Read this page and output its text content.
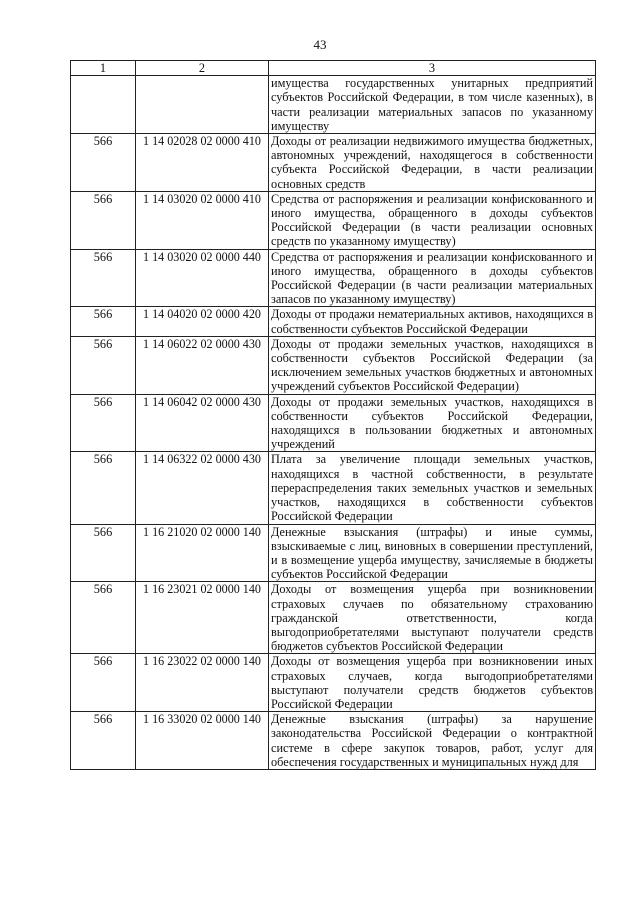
43
1	2	3
		имущества государственных унитарных предприятий субъектов Российской Федерации, в том числе казенных), в части реализации материальных запасов по указанному имуществу
566	1 14 02028 02 0000 410	Доходы от реализации недвижимого имущества бюджетных, автономных учреждений, находящегося в собственности субъекта Российской Федерации, в части реализации основных средств
566	1 14 03020 02 0000 410	Средства от распоряжения и реализации конфискованного и иного имущества, обращенного в доходы субъектов Российской Федерации (в части реализации основных средств по указанному имуществу)
566	1 14 03020 02 0000 440	Средства от распоряжения и реализации конфискованного и иного имущества, обращенного в доходы субъектов Российской Федерации (в части реализации материальных запасов по указанному имуществу)
566	1 14 04020 02 0000 420	Доходы от продажи нематериальных активов, находящихся в собственности субъектов Российской Федерации
566	1 14 06022 02 0000 430	Доходы от продажи земельных участков, находящихся в собственности субъектов Российской Федерации (за исключением земельных участков бюджетных и автономных учреждений субъектов Российской Федерации)
566	1 14 06042 02 0000 430	Доходы от продажи земельных участков, находящихся в собственности субъектов Российской Федерации, находящихся в пользовании бюджетных и автономных учреждений
566	1 14 06322 02 0000 430	Плата за увеличение площади земельных участков, находящихся в частной собственности, в результате перераспределения таких земельных участков и земельных участков, находящихся в собственности субъектов Российской Федерации
566	1 16 21020 02 0000 140	Денежные взыскания (штрафы) и иные суммы, взыскиваемые с лиц, виновных в совершении преступлений, и в возмещение ущерба имуществу, зачисляемые в бюджеты субъектов Российской Федерации
566	1 16 23021 02 0000 140	Доходы от возмещения ущерба при возникновении страховых случаев по обязательному страхованию гражданской ответственности, когда выгодоприобретателями выступают получатели средств бюджетов субъектов Российской Федерации
566	1 16 23022 02 0000 140	Доходы от возмещения ущерба при возникновении иных страховых случаев, когда выгодоприобретателями выступают получатели средств бюджетов субъектов Российской Федерации
566	1 16 33020 02 0000 140	Денежные взыскания (штрафы) за нарушение законодательства Российской Федерации о контрактной системе в сфере закупок товаров, работ, услуг для обеспечения государственных и муниципальных нужд для
